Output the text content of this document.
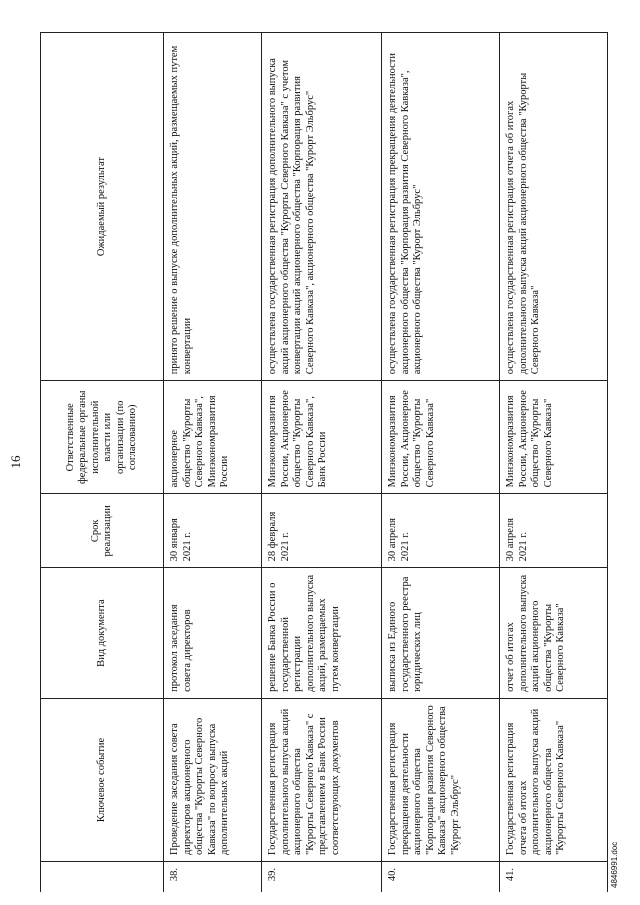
16
	Ключевое событие	Вид документа	Срок реализации	Ответственные федеральные органы исполнительной власти или организации (по согласованию)	Ожидаемый результат
38.	Проведение заседания совета директоров акционерного общества "Курорты Северного Кавказа" по вопросу выпуска дополнительных акций	протокол заседания совета директоров	30 января 2021 г.	акционерное общество "Курорты Северного Кавказа", Минэкономразвития России	принято решение о выпуске дополнительных акций, размещаемых путем конвертации
39.	Государственная регистрация дополнительного выпуска акций акционерного общества "Курорты Северного Кавказа" с представлением в Банк России соответствующих документов	решение Банка России о государственной регистрации дополнительного выпуска акций, размещаемых путем конвертации	28 февраля 2021 г.	Минэкономразвития России, Акционерное общество "Курорты Северного Кавказа", Банк России	осуществлена государственная регистрация дополнительного выпуска акций акционерного общества "Курорты Северного Кавказа" с учетом конвертации акций акционерного общества "Корпорация развития Северного Кавказа", акционерного общества "Курорт Эльбрус"
40.	Государственная регистрация прекращения деятельности акционерного общества "Корпорация развития Северного Кавказа" акционерного общества "Курорт Эльбрус"	выписка из Единого государственного реестра юридических лиц	30 апреля 2021 г.	Минэкономразвития России, Акционерное общество "Курорты Северного Кавказа"	осуществлена государственная регистрация прекращения деятельности акционерного общества "Корпорация развития Северного Кавказа", акционерного общества "Курорт Эльбрус"
41.	Государственная регистрация отчета об итогах дополнительного выпуска акций акционерного общества "Курорты Северного Кавказа"	отчет об итогах дополнительного выпуска акций акционерного общества "Курорты Северного Кавказа"	30 апреля 2021 г.	Минэкономразвития России, Акционерное общество "Курорты Северного Кавказа"	осуществлена государственная регистрация отчета об итогах дополнительного выпуска акций акционерного общества "Курорты Северного Кавказа"
4846991.doc
